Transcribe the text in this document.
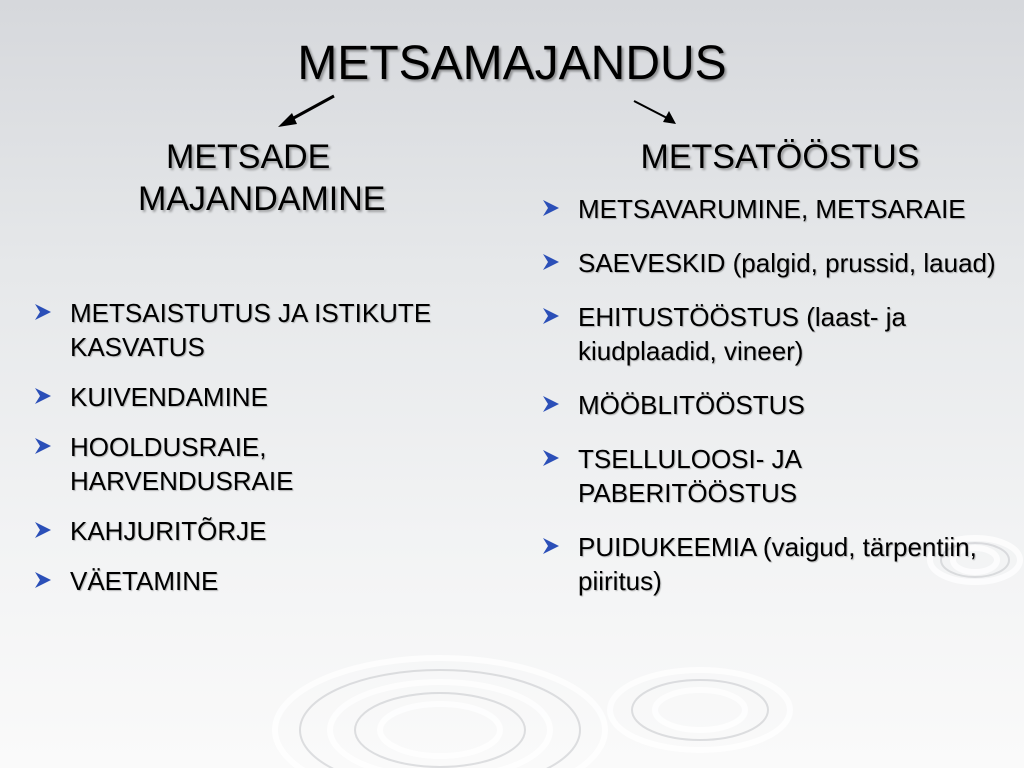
METSAMAJANDUS
METSADE
MAJANDAMINE
METSATÖÖSTUS
METSAISTUTUS JA ISTIKUTE KASVATUS
KUIVENDAMINE
HOOLDUSRAIE, HARVENDUSRAIE
KAHJURITÕRJE
VÄETAMINE
METSAVARUMINE, METSARAIE
SAEVESKID (palgid, prussid, lauad)
EHITUSTÖÖSTUS (laast- ja kiudplaadid, vineer)
MÖÖBLITÖÖSTUS
TSELLULOOSI- JA PABERITÖÖSTUS
PUIDUKEEMIA (vaigud, tärpentiin, piiritus)
